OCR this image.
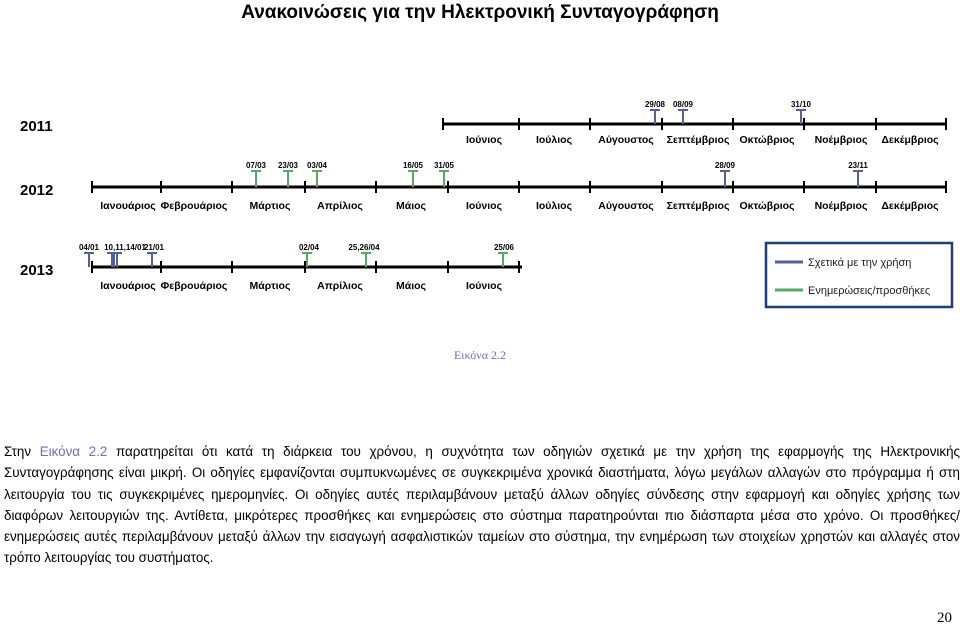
Ανακοινώσεις για την Ηλεκτρονική Συνταγογράφηση
2011
Ιούνιος	Ιούλιος Αύγουστος Σεπτέμβριος Οκτώβριος Νοέμβριος Δεκέμβριος
29/08 08/09	31/10
2012
Ιανουάριος Φεβρουάριος Μάρτιος	Απρίλιος	Μάιος	Ιούνιος	Ιούλιος Αύγουστος Σεπτέμβριος Οκτώβριος Νοέμβριος Δεκέμβριος
07/03 23/03 03/04	16/05 31/05	28/09	23/11
2013
Ιανουάριος Φεβρουάριος Μάρτιος	Απρίλιος	Μάιος	Ιούνιος
04/01 10,11,14/01
21/01	02/04	25,26/04	25/06
Σχετικά με την χρήση
Ενημερώσεις/προσθήκες
Εικόνα 2.2

Στην Εικόνα 2.2 παρατηρείται ότι κατά τη διάρκεια του χρόνου, η συχνότητα των οδηγιών σχετικά με την χρήση της εφαρμογής της Ηλεκτρονικής Συνταγογράφησης είναι μικρή. Οι οδηγίες εμφανίζονται συμπυκνωμένες σε συγκεκριμένα χρονικά διαστήματα, λόγω μεγάλων αλλαγών στο πρόγραμμα ή στη λειτουργία του τις συγκεκριμένες ημερομηνίες. Οι οδηγίες αυτές περιλαμβάνουν μεταξύ άλλων οδηγίες σύνδεσης στην εφαρμογή και οδηγίες χρήσης των διαφόρων λειτουργιών της. Αντίθετα, μικρότερες προσθήκες και ενημερώσεις στο σύστημα παρατηρούνται πιο διάσπαρτα μέσα στο χρόνο. Οι προσθήκες/ενημερώσεις αυτές περιλαμβάνουν μεταξύ άλλων την εισαγωγή ασφαλιστικών ταμείων στο σύστημα, την ενημέρωση των στοιχείων χρηστών και αλλαγές στον τρόπο λειτουργίας του συστήματος.

20
